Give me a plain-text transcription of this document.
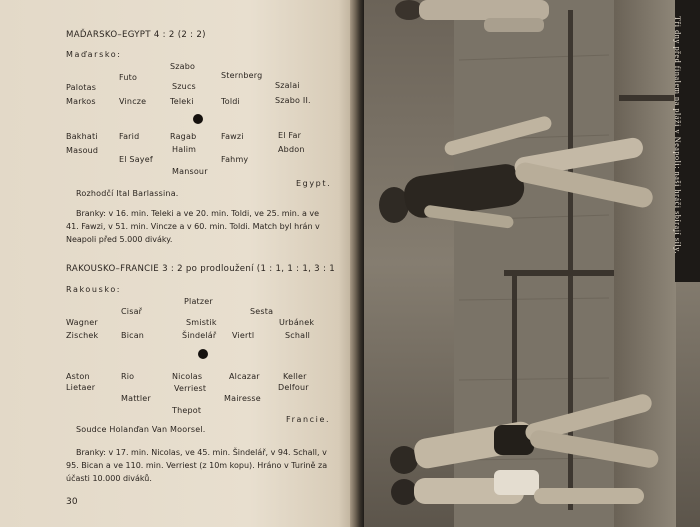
MAĎARSKO–EGYPT 4 : 2 (2 : 2)
Maďarsko:
Szabo
Futo	Sternberg
Palotas	Szucs	Szalai
Markos	Vincze	Teleki	Toldi	Szabo II.
Bakhati	Farid	Ragab	Fawzi	El Far
Masoud	Halim	Abdon
El Sayef	Fahmy
Mansour
Egypt.
Rozhodčí Ital Barlassina.
Branky: v 16. min. Teleki a ve 20. min. Toldi, ve 25. min. a ve 41. Fawzi, v 51. min. Vincze a v 60. min. Toldi. Match byl hrán v Neapoli před 5.000 diváky.
RAKOUSKO–FRANCIE 3 : 2 po prodloužení (1 : 1, 1 : 1, 3 : 1
Rakousko:
Platzer
Cisař	Sesta
Wagner	Smistik	Urbánek
Zischek	Bican	Šindelář Viertl	Schall
Aston	Rio	Nicolas	Alcazar	Keller
Lietaer	Verriest	Delfour
Mattler	Mairesse
Thepot
Francie.
Soudce Holanďan Van Moorsel.
Branky: v 17. min. Nicolas, ve 45. min. Šindelář, v 94. Schall, v 95. Bican a ve 110. min. Verriest (z 10m kopu). Hráno v Turině za účasti 10.000 diváků.
30
Tři dny před finalem na pláži v Neapoli: naši hráči sbírají síly.
